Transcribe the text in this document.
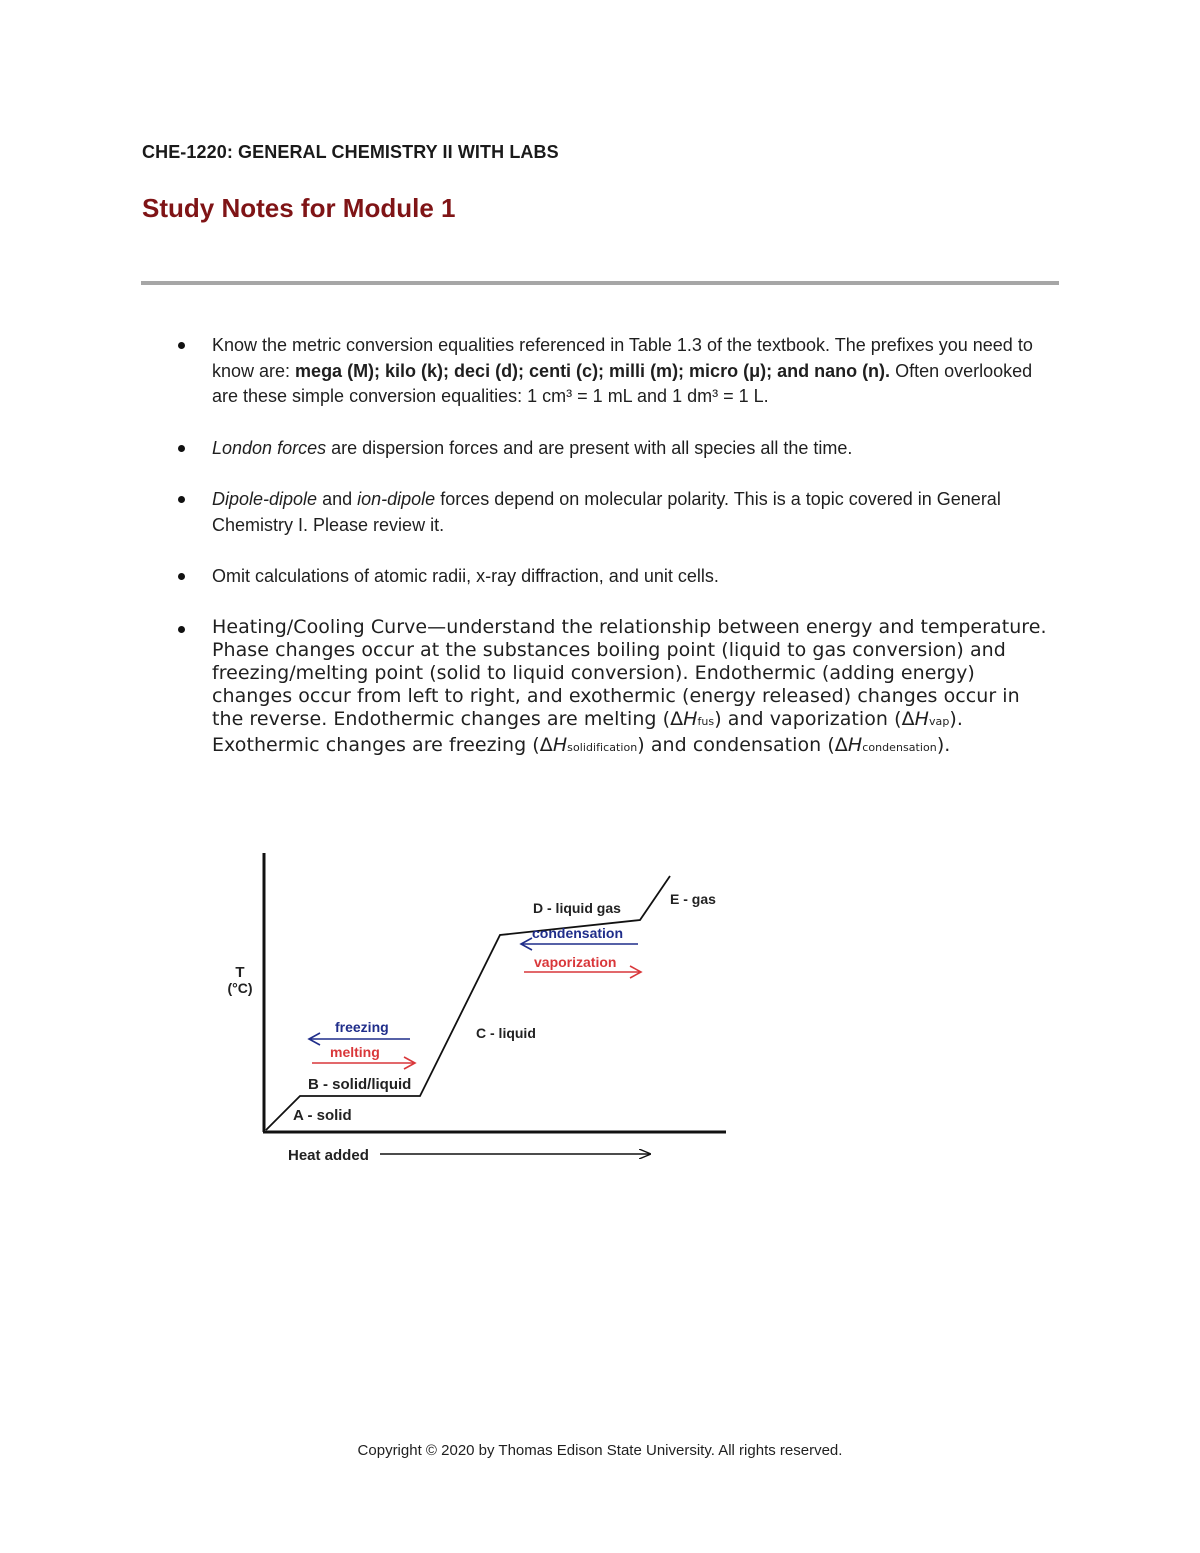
CHE-1220: GENERAL CHEMISTRY II WITH LABS
Study Notes for Module 1
Know the metric conversion equalities referenced in Table 1.3 of the textbook. The prefixes you need to know are: mega (M); kilo (k); deci (d); centi (c); milli (m); micro (μ); and nano (n). Often overlooked are these simple conversion equalities: 1 cm³ = 1 mL and 1 dm³ = 1 L.
London forces are dispersion forces and are present with all species all the time.
Dipole-dipole and ion-dipole forces depend on molecular polarity. This is a topic covered in General Chemistry I. Please review it.
Omit calculations of atomic radii, x-ray diffraction, and unit cells.
Heating/Cooling Curve—understand the relationship between energy and temperature. Phase changes occur at the substances boiling point (liquid to gas conversion) and freezing/melting point (solid to liquid conversion). Endothermic (adding energy) changes occur from left to right, and exothermic (energy released) changes occur in the reverse. Endothermic changes are melting (ΔHfus) and vaporization (ΔHvap). Exothermic changes are freezing (ΔHsolidification) and condensation (ΔHcondensation).
T
(°C)
Heat added
A - solid
B - solid/liquid
C - liquid
D - liquid gas
E - gas
freezing
melting
condensation
vaporization

Copyright © 2020 by Thomas Edison State University. All rights reserved.
